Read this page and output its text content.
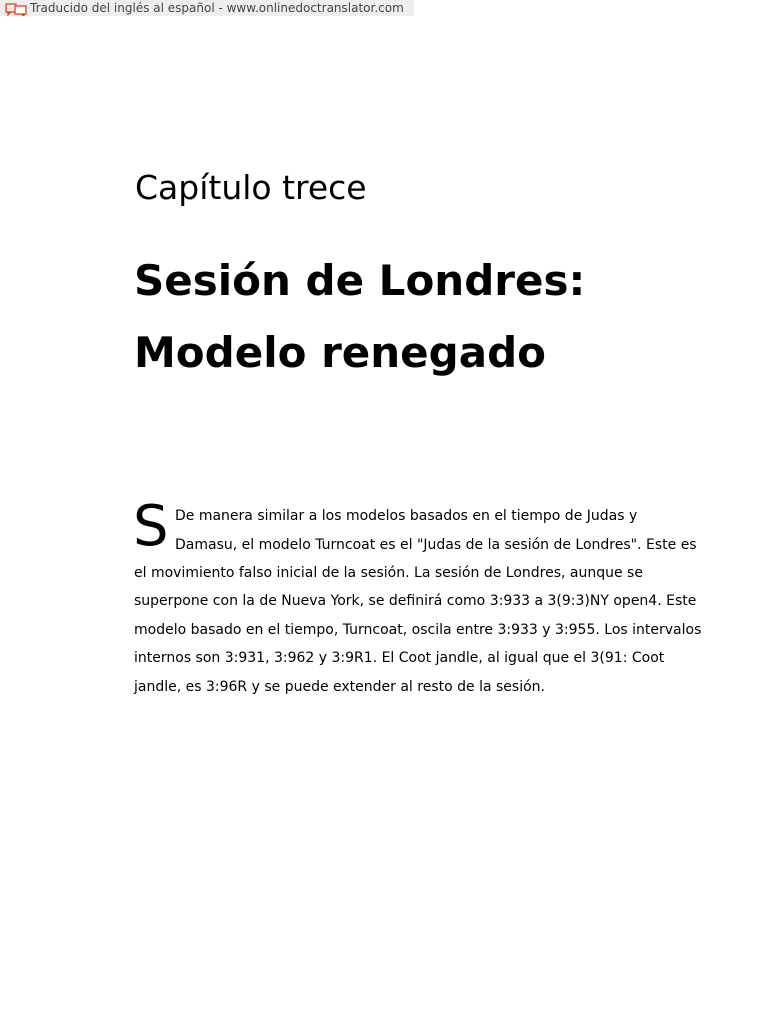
Traducido del inglés al español - www.onlinedoctranslator.com
Capítulo trece
Sesión de Londres:
Modelo renegado
S De manera similar a los modelos basados en el tiempo de Judas y
Damasu, el modelo Turncoat es el "Judas de la sesión de Londres". Este es
el movimiento falso inicial de la sesión. La sesión de Londres, aunque se
superpone con la de Nueva York, se definirá como 3:933 a 3(9:3)NY open4. Este
modelo basado en el tiempo, Turncoat, oscila entre 3:933 y 3:955. Los intervalos
internos son 3:931, 3:962 y 3:9R1. El Coot jandle, al igual que el 3(91: Coot
jandle, es 3:96R y se puede extender al resto de la sesión.
